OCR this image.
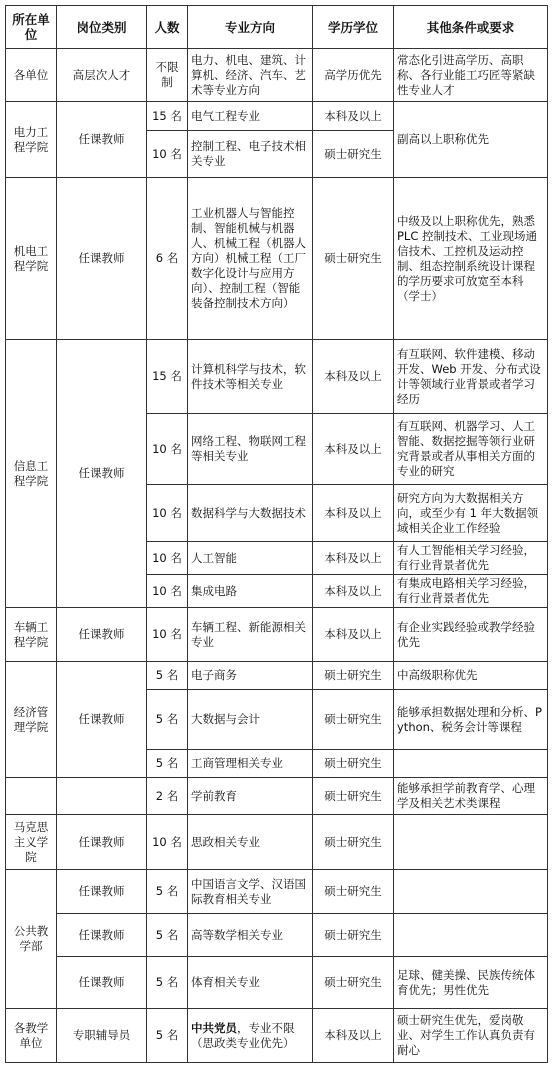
所在单位	岗位类别	人数	专业方向	学历学位	其他条件或要求
各单位	高层次人才	不限制	电力、机电、建筑、计算机、经济、汽车、艺术等专业方向	高学历优先	常态化引进高学历、高职称、各行业能工巧匠等紧缺性专业人才
电力工程学院	任课教师	15 名	电气工程专业	本科及以上	副高以上职称优先
		10 名	控制工程、电子技术相关专业	硕士研究生	
机电工程学院	任课教师	6 名	工业机器人与智能控制、智能机械与机器人、机械工程（机器人方向）机械工程（工厂数字化设计与应用方向）、控制工程（智能装备控制技术方向）	硕士研究生	中级及以上职称优先，熟悉 PLC 控制技术、工业现场通信技术、工控机及运动控制、组态控制系统设计课程的学历要求可放宽至本科（学士）
信息工程学院	任课教师	15 名	计算机科学与技术，软件技术等相关专业	本科及以上	有互联网、软件建模、移动开发、Web 开发、分布式设计等领域行业背景或者学习经历
		10 名	网络工程、物联网工程等相关专业	本科及以上	有互联网、机器学习、人工智能、数据挖掘等领行业研究背景或者从事相关方面的专业的研究
		10 名	数据科学与大数据技术	本科及以上	研究方向为大数据相关方向，或至少有 1 年大数据领域相关企业工作经验
		10 名	人工智能	本科及以上	有人工智能相关学习经验，有行业背景者优先
		10 名	集成电路	本科及以上	有集成电路相关学习经验，有行业背景者优先
车辆工程学院	任课教师	10 名	车辆工程、新能源相关专业	本科及以上	有企业实践经验或教学经验优先
经济管理学院	任课教师	5 名	电子商务	硕士研究生	中高级职称优先
		5 名	大数据与会计	硕士研究生	能够承担数据处理和分析、Python、税务会计等课程
		5 名	工商管理相关专业	硕士研究生	
		2 名	学前教育	硕士研究生	能够承担学前教育学、心理学及相关艺术类课程
马克思主义学院	任课教师	10 名	思政相关专业	硕士研究生	
公共教学部	任课教师	5 名	中国语言文学、汉语国际教育相关专业	硕士研究生	
	任课教师	5 名	高等数学相关专业	硕士研究生	
	任课教师	5 名	体育相关专业	硕士研究生	足球、健美操、民族传统体育优先；男性优先
各教学单位	专职辅导员	5 名	中共党员，专业不限（思政类专业优先）	本科及以上	硕士研究生优先，爱岗敬业、对学生工作认真负责有耐心
